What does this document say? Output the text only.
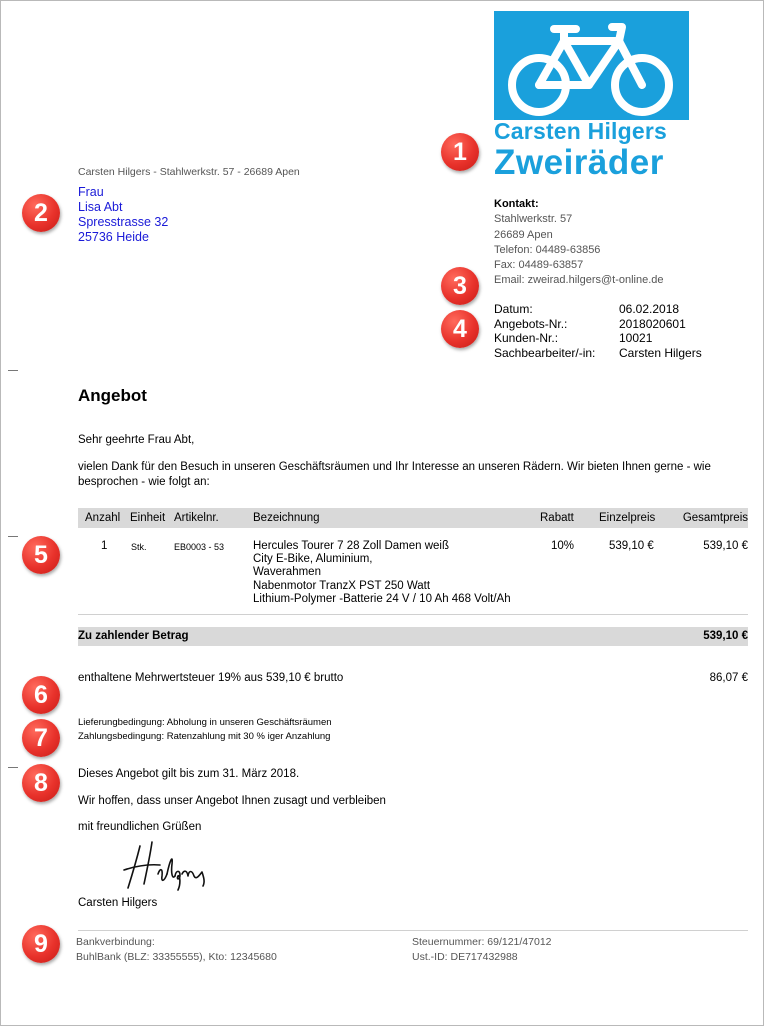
Carsten Hilgers
Zweiräder
Carsten Hilgers - Stahlwerkstr. 57 - 26689 Apen
Frau
Lisa Abt
Spresstrasse 32
25736 Heide
Kontakt:
Stahlwerkstr. 57
26689 Apen
Telefon: 04489-63856
Fax: 04489-63857
Email: zweirad.hilgers@t-online.de
Datum:	06.02.2018
Angebots-Nr.:	2018020601
Kunden-Nr.:	10021
Sachbearbeiter/-in:	Carsten Hilgers
Angebot
Sehr geehrte Frau Abt,
vielen Dank für den Besuch in unseren Geschäftsräumen und Ihr Interesse an unseren Rädern. Wir bieten Ihnen gerne - wie besprochen - wie folgt an:
Anzahl Einheit Artikelnr.	Bezeichnung	Rabatt Einzelpreis Gesamtpreis
1	Stk.	EB0003 - 53	Hercules Tourer 7 28 Zoll Damen weiß
City E-Bike, Aluminium,
Waverahmen
Nabenmotor TranzX PST 250 Watt
Lithium-Polymer -Batterie 24 V / 10 Ah 468 Volt/Ah
10%	539,10 €	539,10 €
Zu zahlender Betrag	539,10 €
enthaltene Mehrwertsteuer 19% aus 539,10 € brutto	86,07 €
Lieferungbedingung: Abholung in unseren Geschäftsräumen
Zahlungsbedingung: Ratenzahlung mit 30 % iger Anzahlung
Dieses Angebot gilt bis zum 31. März 2018.
Wir hoffen, dass unser Angebot Ihnen zusagt und verbleiben
mit freundlichen Grüßen
Carsten Hilgers
Bankverbindung:
BuhlBank (BLZ: 33355555), Kto: 12345680
Steuernummer: 69/121/47012
Ust.-ID: DE717432988
1
2
3
4
5
6
7
8
9
